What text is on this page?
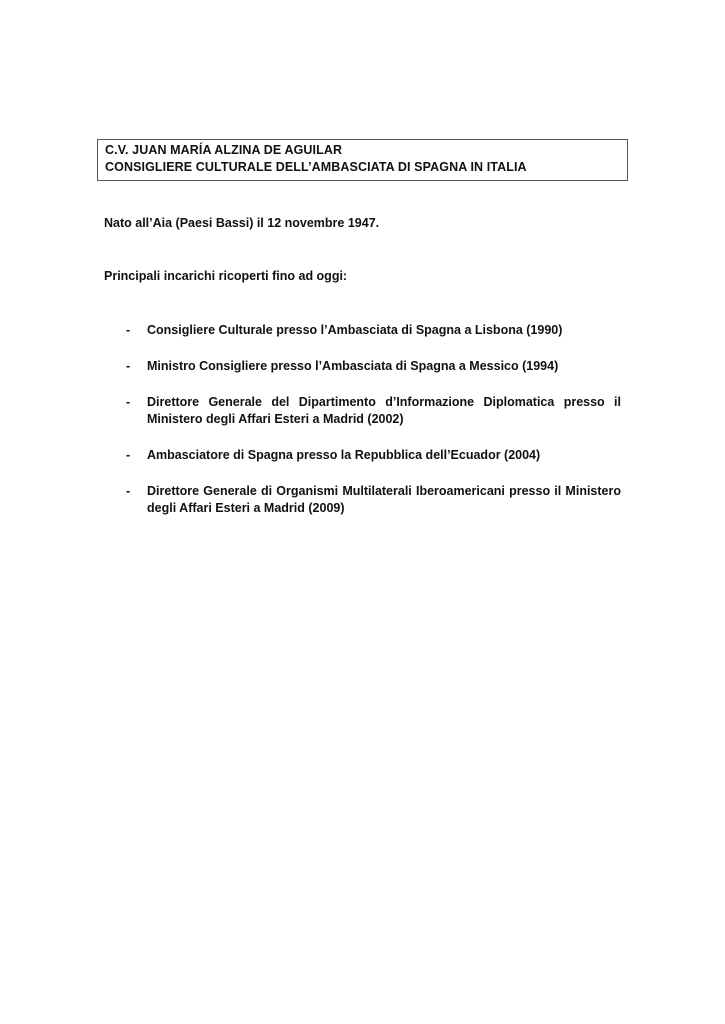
C.V. JUAN MARÍA ALZINA DE AGUILAR
CONSIGLIERE CULTURALE DELL’AMBASCIATA DI SPAGNA IN ITALIA
Nato all’Aia (Paesi Bassi) il 12 novembre 1947.
Principali incarichi ricoperti fino ad oggi:
- Consigliere Culturale presso l’Ambasciata di Spagna a Lisbona (1990)
- Ministro Consigliere presso l’Ambasciata di Spagna a Messico (1994)
- Direttore Generale del Dipartimento d’Informazione Diplomatica presso il Ministero degli Affari Esteri a Madrid (2002)
- Ambasciatore di Spagna presso la Repubblica dell’Ecuador (2004)
- Direttore Generale di Organismi Multilaterali Iberoamericani presso il Ministero degli Affari Esteri a Madrid (2009)
